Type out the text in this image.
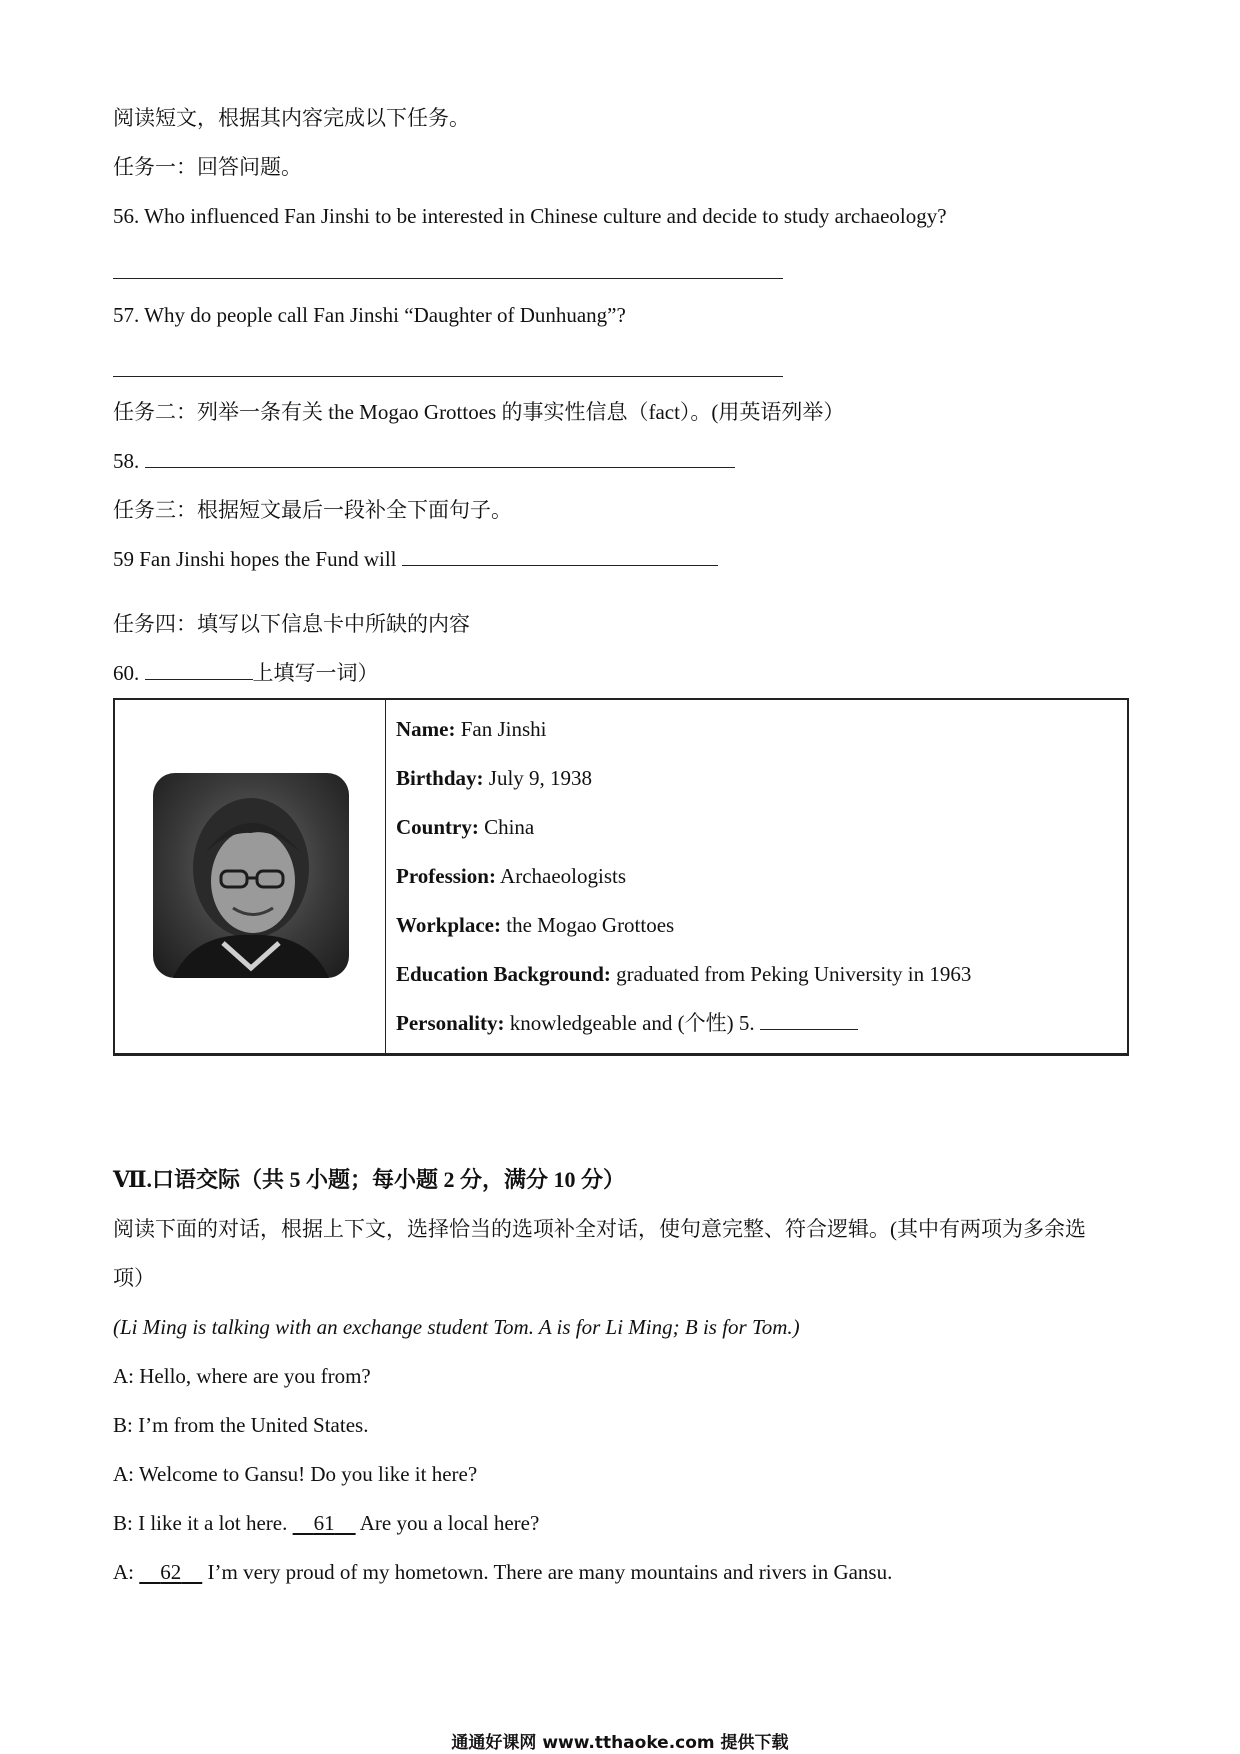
阅读短文，根据其内容完成以下任务。
任务一：回答问题。
56. Who influenced Fan Jinshi to be interested in Chinese culture and decide to study archaeology?
57. Why do people call Fan Jinshi “Daughter of Dunhuang”?
任务二：列举一条有关 the Mogao Grottoes 的事实性信息（fact）。(用英语列举）
58.
任务三：根据短文最后一段补全下面句子。
59 Fan Jinshi hopes the Fund will
任务四：填写以下信息卡中所缺的内容
60.	上填写一词）
Name: Fan Jinshi
Birthday: July 9, 1938
Country: China
Profession: Archaeologists
Workplace: the Mogao Grottoes
Education Background: graduated from Peking University in 1963
Personality: knowledgeable and (个性) 5.
Ⅶ.口语交际（共 5 小题；每小题 2 分，满分 10 分）
阅读下面的对话，根据上下文，选择恰当的选项补全对话，使句意完整、符合逻辑。(其中有两项为多余选
项）
(Li Ming is talking with an exchange student Tom. A is for Li Ming; B is for Tom.)
A: Hello, where are you from?
B: I’m from the United States.
A: Welcome to Gansu! Do you like it here?
B: I like it a lot here. 61 Are you a local here?
A: 62 I’m very proud of my hometown. There are many mountains and rivers in Gansu.
通通好课网 www.tthaoke.com 提供下载
